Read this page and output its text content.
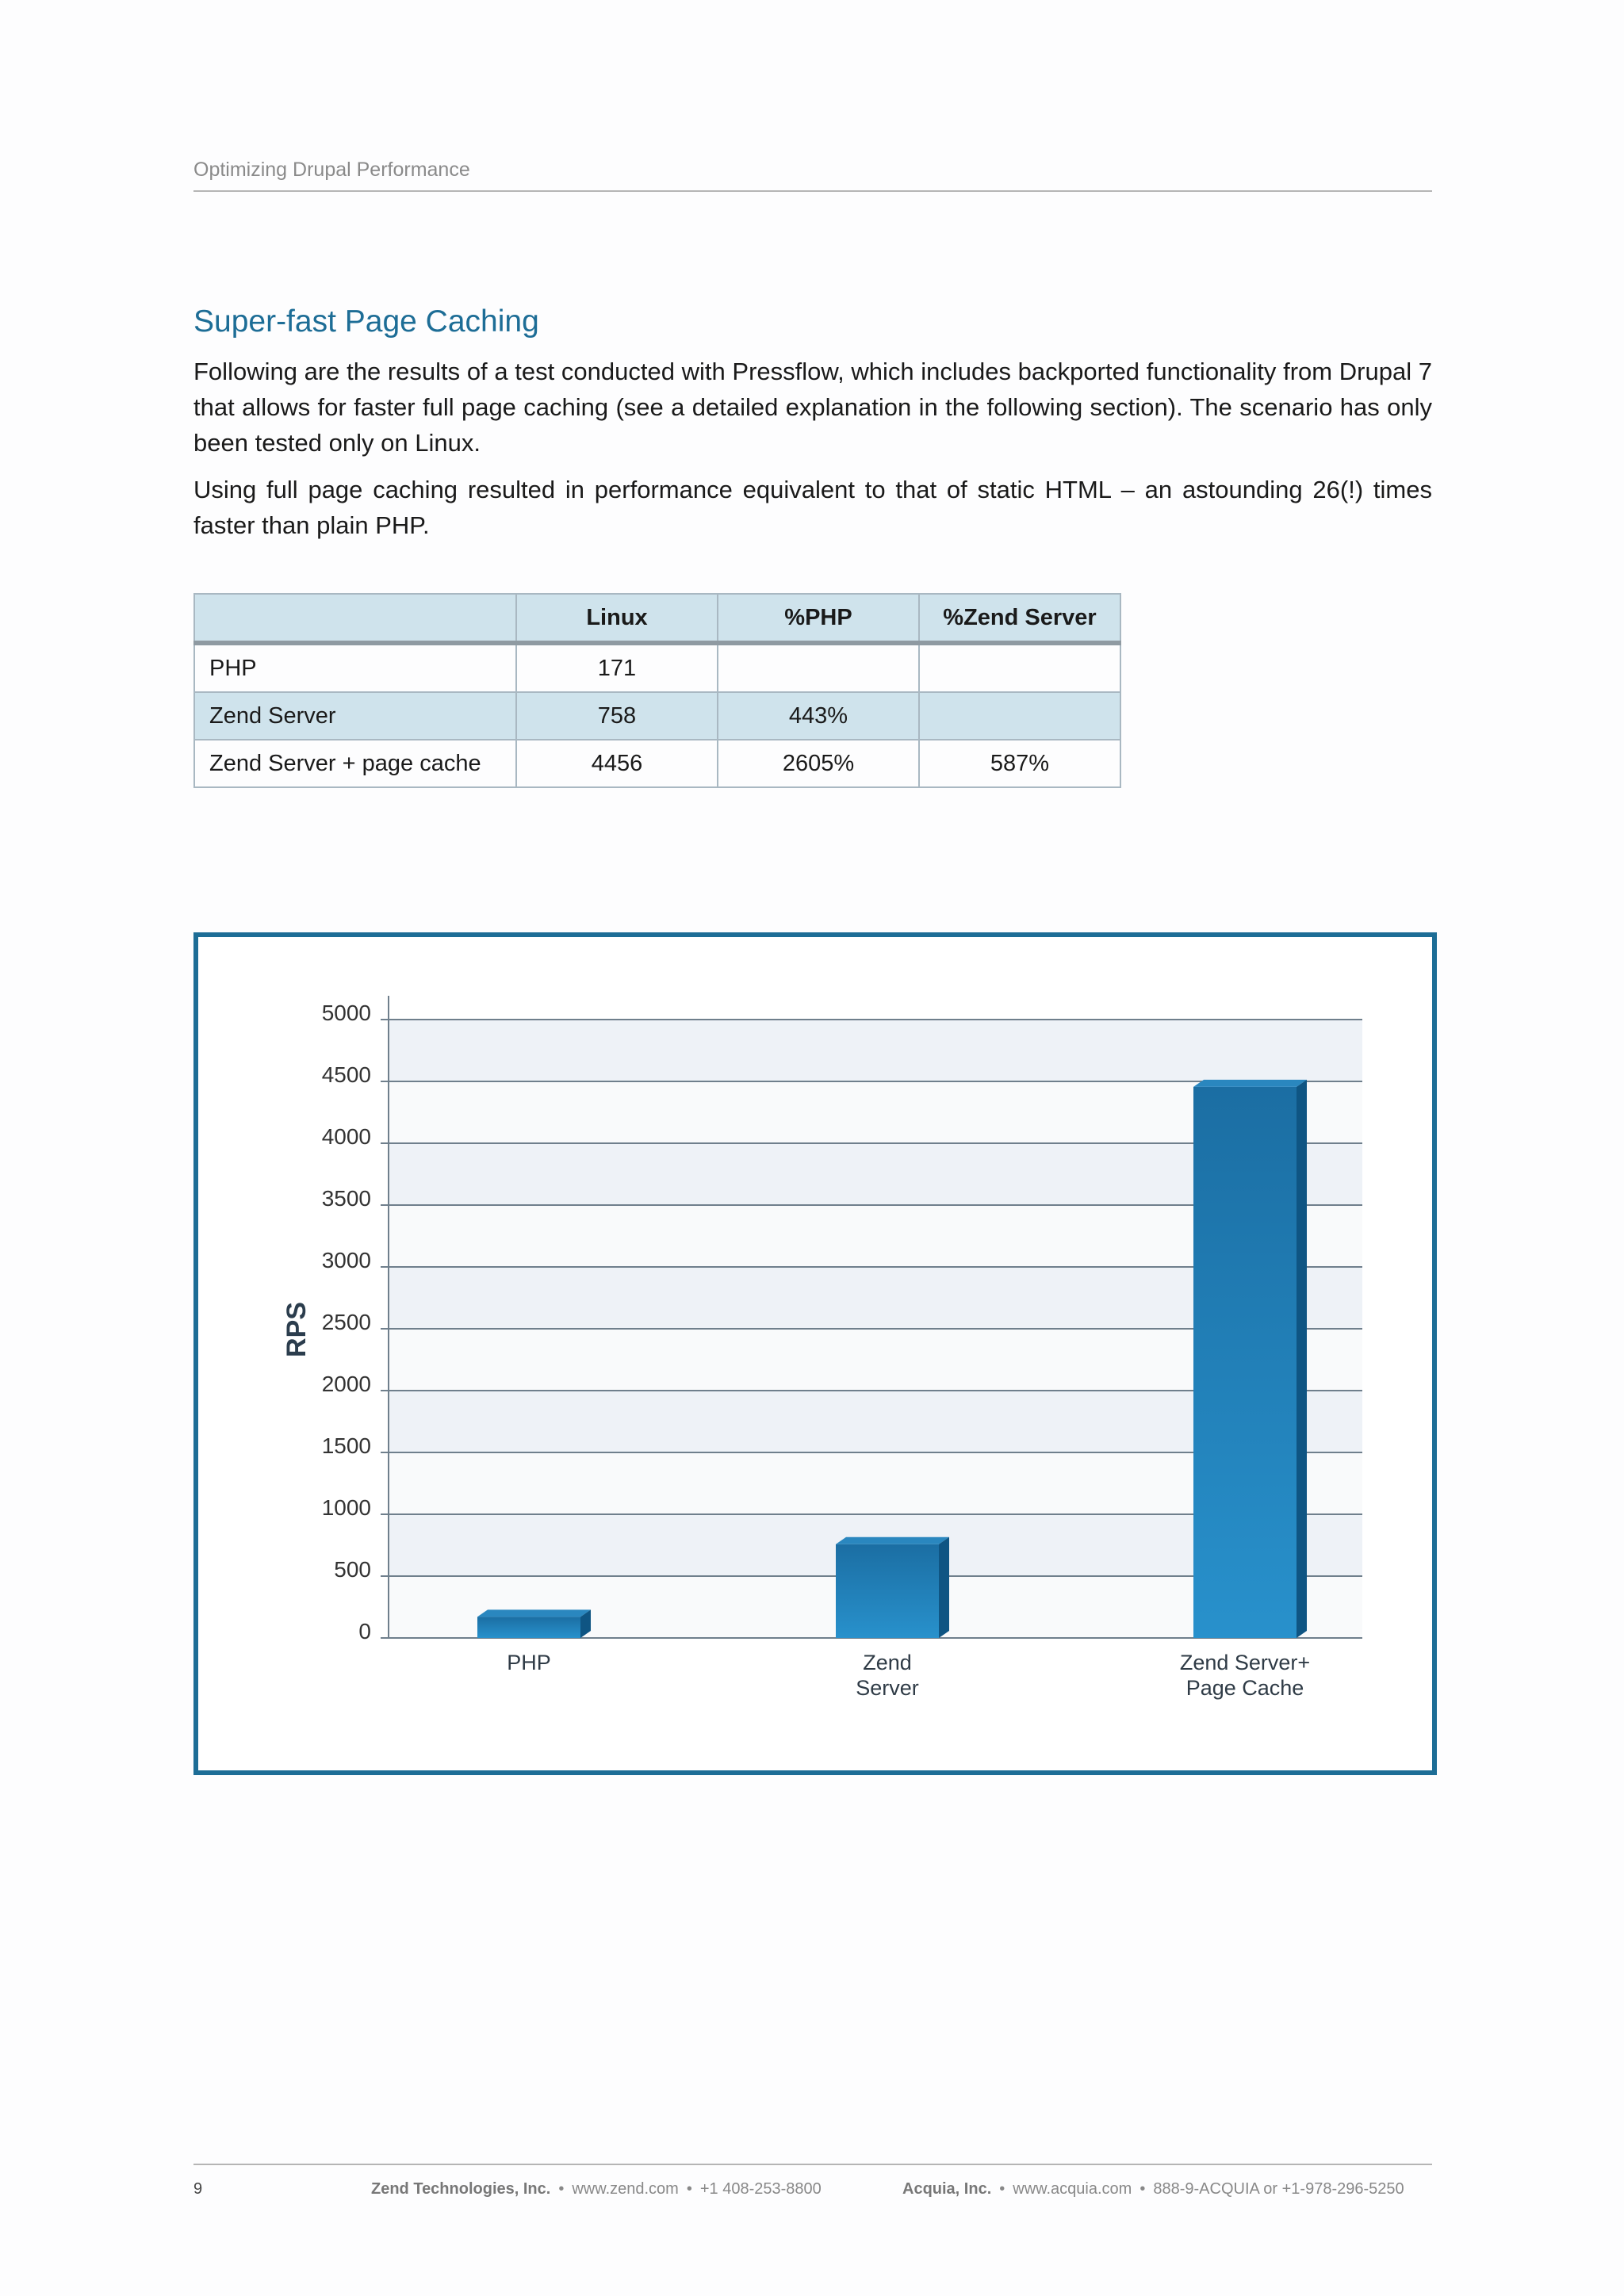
Optimizing Drupal Performance
Super-fast Page Caching

Following are the results of a test conducted with Pressflow, which includes backported functionality from Drupal 7 that allows for faster full page caching (see a detailed explanation in the following section). The scenario has only been tested only on Linux.

Using full page caching resulted in performance equivalent to that of static HTML – an astounding 26(!) times faster than plain PHP.

	Linux	%PHP	%Zend Server
PHP	171		
Zend Server	758	443%	
Zend Server + page cache	4456	2605%	587%
5000
4500
4000
3500
3000
2500
2000
1500
1000
500
0
PHP	Zend
Server
Zend Server+
Page Cache
RPS
9	Zend Technologies, Inc. • www.zend.com • +1 408-253-8800	Acquia, Inc. • www.acquia.com • 888-9-ACQUIA or +1-978-296-5250
